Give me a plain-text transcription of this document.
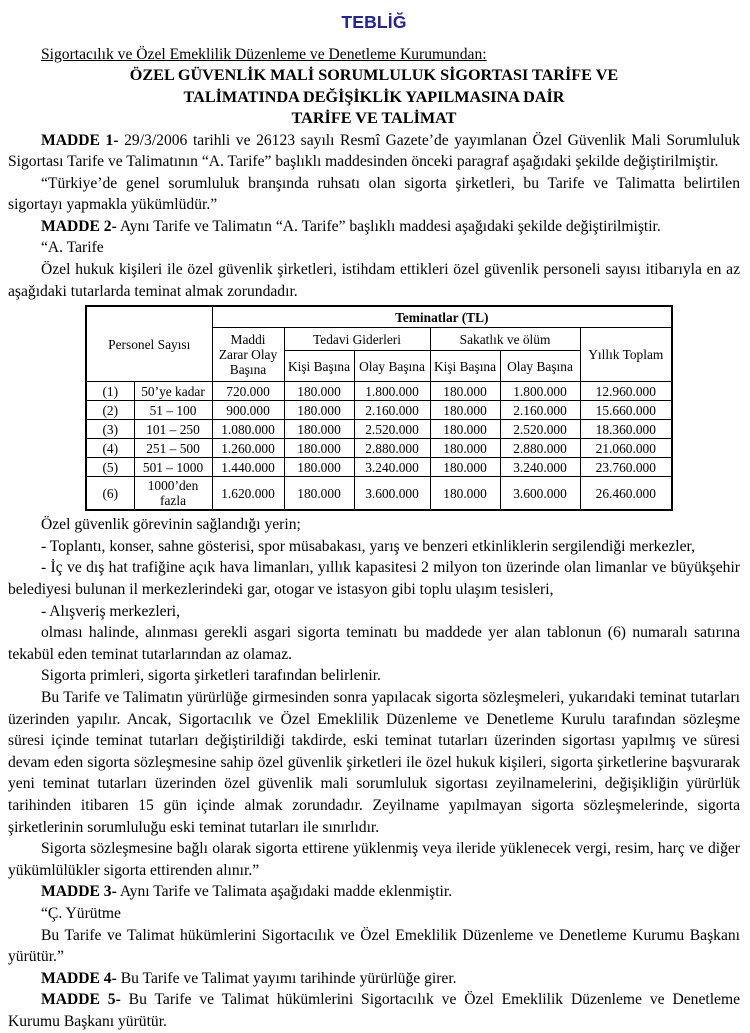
TEBLİĞ

Sigortacılık ve Özel Emeklilik Düzenleme ve Denetleme Kurumundan:

ÖZEL GÜVENLİK MALİ SORUMLULUK SİGORTASI TARİFE VE
TALİMATINDA DEĞİŞİKLİK YAPILMASINA DAİR
TARİFE VE TALİMAT

MADDE 1- 29/3/2006 tarihli ve 26123 sayılı Resmî Gazete’de yayımlanan Özel Güvenlik Mali Sorumluluk Sigortası Tarife ve Talimatının “A. Tarife” başlıklı maddesinden önceki paragraf aşağıdaki şekilde değiştirilmiştir.

“Türkiye’de genel sorumluluk branşında ruhsatı olan sigorta şirketleri, bu Tarife ve Talimatta belirtilen sigortayı yapmakla yükümlüdür.”

MADDE 2- Aynı Tarife ve Talimatın “A. Tarife” başlıklı maddesi aşağıdaki şekilde değiştirilmiştir.

“A. Tarife

Özel hukuk kişileri ile özel güvenlik şirketleri, istihdam ettikleri özel güvenlik personeli sayısı itibarıyla en az aşağıdaki tutarlarda teminat almak zorundadır.

Personel Sayısı		Teminatlar (TL)					
		Maddi Zarar Olay Başına	Tedavi Giderleri		Sakatlık ve ölüm		Yıllık Toplam
			Kişi Başına	Olay Başına	Kişi Başına	Olay Başına	
(1)	50’ye kadar	720.000	180.000	1.800.000	180.000	1.800.000	12.960.000
(2)	51 – 100	900.000	180.000	2.160.000	180.000	2.160.000	15.660.000
(3)	101 – 250	1.080.000	180.000	2.520.000	180.000	2.520.000	18.360.000
(4)	251 – 500	1.260.000	180.000	2.880.000	180.000	2.880.000	21.060.000
(5)	501 – 1000	1.440.000	180.000	3.240.000	180.000	3.240.000	23.760.000
(6)	1000’den fazla	1.620.000	180.000	3.600.000	180.000	3.600.000	26.460.000

Özel güvenlik görevinin sağlandığı yerin;

- Toplantı, konser, sahne gösterisi, spor müsabakası, yarış ve benzeri etkinliklerin sergilendiği merkezler,

- İç ve dış hat trafiğine açık hava limanları, yıllık kapasitesi 2 milyon ton üzerinde olan limanlar ve büyükşehir belediyesi bulunan il merkezlerindeki gar, otogar ve istasyon gibi toplu ulaşım tesisleri,

- Alışveriş merkezleri,

olması halinde, alınması gerekli asgari sigorta teminatı bu maddede yer alan tablonun (6) numaralı satırına tekabül eden teminat tutarlarından az olamaz.

Sigorta primleri, sigorta şirketleri tarafından belirlenir.

Bu Tarife ve Talimatın yürürlüğe girmesinden sonra yapılacak sigorta sözleşmeleri, yukarıdaki teminat tutarları üzerinden yapılır. Ancak, Sigortacılık ve Özel Emeklilik Düzenleme ve Denetleme Kurulu tarafından sözleşme süresi içinde teminat tutarları değiştirildiği takdirde, eski teminat tutarları üzerinden sigortası yapılmış ve süresi devam eden sigorta sözleşmesine sahip özel güvenlik şirketleri ile özel hukuk kişileri, sigorta şirketlerine başvurarak yeni teminat tutarları üzerinden özel güvenlik mali sorumluluk sigortası zeyilnamelerini, değişikliğin yürürlük tarihinden itibaren 15 gün içinde almak zorundadır. Zeyilname yapılmayan sigorta sözleşmelerinde, sigorta şirketlerinin sorumluluğu eski teminat tutarları ile sınırlıdır.

Sigorta sözleşmesine bağlı olarak sigorta ettirene yüklenmiş veya ileride yüklenecek vergi, resim, harç ve diğer yükümlülükler sigorta ettirenden alınır.”

MADDE 3- Aynı Tarife ve Talimata aşağıdaki madde eklenmiştir.

“Ç. Yürütme

Bu Tarife ve Talimat hükümlerini Sigortacılık ve Özel Emeklilik Düzenleme ve Denetleme Kurumu Başkanı yürütür.”

MADDE 4- Bu Tarife ve Talimat yayımı tarihinde yürürlüğe girer.

MADDE 5- Bu Tarife ve Talimat hükümlerini Sigortacılık ve Özel Emeklilik Düzenleme ve Denetleme Kurumu Başkanı yürütür.
